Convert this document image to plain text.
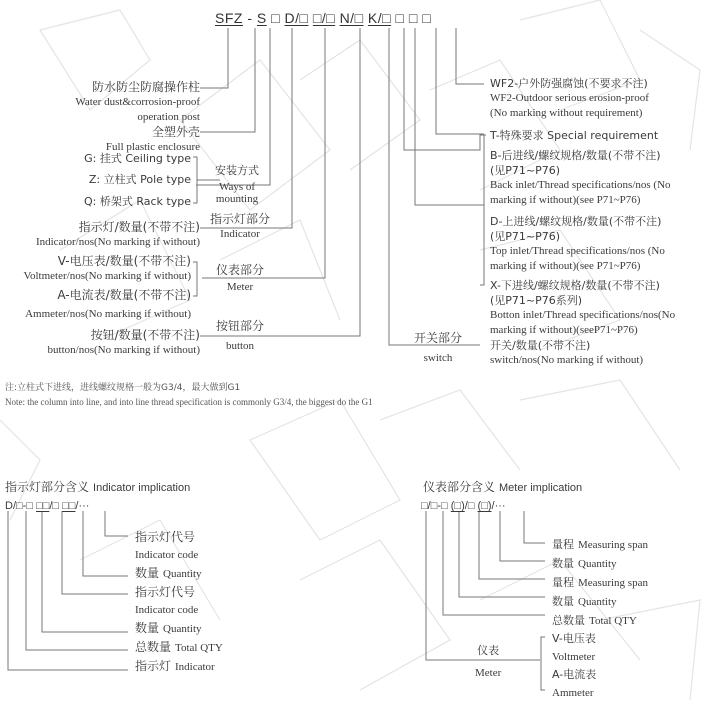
SFZ - S □ D/□ □/□ N/□ K/□ □ □ □
防水防尘防腐操作柱
Water dust&corrosion-proof
operation post
全塑外壳
Full plastic enclosure
G: 挂式 Ceiling type
Z: 立柱式 Pole type
Q: 桥架式 Rack type
指示灯/数量(不带不注)
Indicator/nos(No marking if without)
V-电压表/数量(不带不注)
Voltmeter/nos(No marking if without)
A-电流表/数量(不带不注)
Ammeter/nos(No marking if without)
按钮/数量(不带不注)
button/nos(No marking if without)
安装方式
Ways of
mounting
指示灯部分
Indicator
仪表部分
Meter
按钮部分
button
开关部分
switch
WF2-户外防强腐蚀(不要求不注)
WF2-Outdoor serious erosion-proof
(No marking without requirement)
T-特殊要求 Special requirement
B-后进线/螺纹规格/数量(不带不注)
(见P71~P76)
Back inlet/Thread specifications/nos (No
marking if without)(see P71~P76)
D-上进线/螺纹规格/数量(不带不注)
(见P71~P76)
Top inlet/Thread specifications/nos (No
marking if without)(see P71~P76)
X-下进线/螺纹规格/数量(不带不注)
(见P71~P76系列)
Botton inlet/Thread specifications/nos(No
marking if without)(seeP71~P76)
开关/数量(不带不注)
switch/nos(No marking if without)
注:立柱式下进线，进线螺纹规格一般为G3/4，最大做到G1
Note: the column into line, and into line thread specification is commonly G3/4, the biggest do the G1
指示灯部分含义 Indicator implication
D/□-□ □□/□ □□/···
指示灯代号
Indicator code
数量 Quantity
指示灯代号
Indicator code
数量 Quantity
总数量 Total QTY
指示灯 Indicator
仪表部分含义 Meter implication
□/□-□ (□)/□ (□)/···
量程 Measuring span
数量 Quantity
量程 Measuring span
数量 Quantity
总数量 Total QTY
V-电压表
Voltmeter
A-电流表
Ammeter
仪表
Meter
